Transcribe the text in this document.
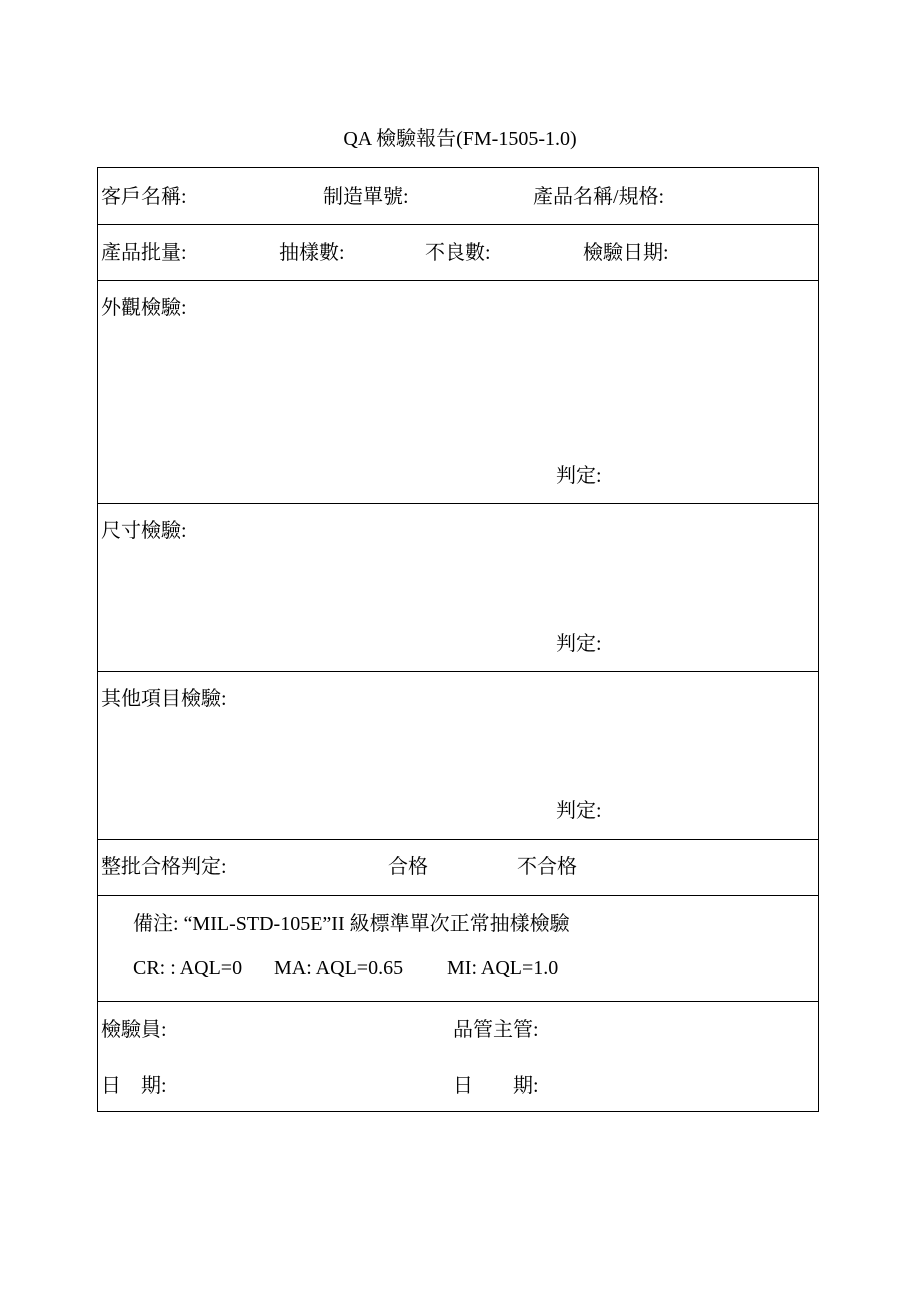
QA 檢驗報告(FM-1505-1.0)
客戶名稱:	制造單號:	產品名稱/規格:
產品批量:	抽樣數:	不良數:	檢驗日期:
外觀檢驗:
判定:
尺寸檢驗:
判定:
其他項目檢驗:
判定:
整批合格判定:	合格	不合格
備注: “MIL-STD-105E”II 級標準單次正常抽樣檢驗
CR: : AQL=0 MA: AQL=0.65 MI: AQL=1.0
檢驗員:	品管主管:
日　期:	日　　期:
